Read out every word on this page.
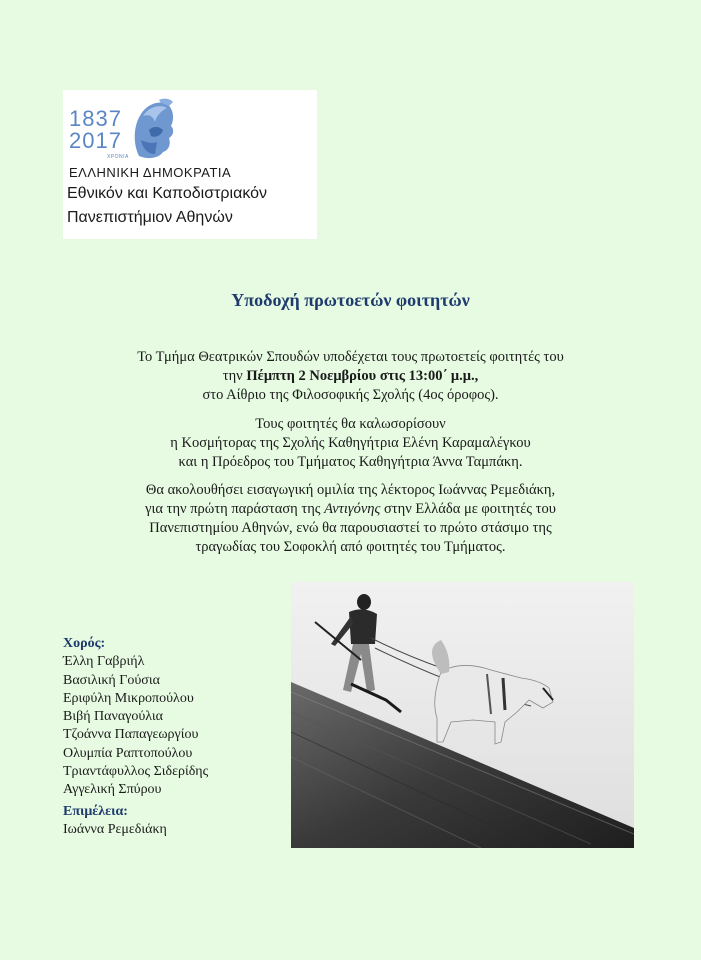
1837
2017
ΧΡΟΝΙΑ
ΕΛΛΗΝΙΚΗ ΔΗΜΟΚΡΑΤΙΑ
Εθνικόν και Καποδιστριακόν
Πανεπιστήμιον Αθηνών
Υποδοχή πρωτοετών φοιτητών
Το Τμήμα Θεατρικών Σπουδών υποδέχεται τους πρωτοετείς φοιτητές του
την Πέμπτη 2 Νοεμβρίου στις 13:00΄ μ.μ.,
στο Αίθριο της Φιλοσοφικής Σχολής (4ος όροφος).
Τους φοιτητές θα καλωσορίσουν
η Κοσμήτορας της Σχολής Καθηγήτρια Ελένη Καραμαλέγκου
και η Πρόεδρος του Τμήματος Καθηγήτρια Άννα Ταμπάκη.
Θα ακολουθήσει εισαγωγική ομιλία της λέκτορος Ιωάννας Ρεμεδιάκη,
για την πρώτη παράσταση της Αντιγόνης στην Ελλάδα με φοιτητές του
Πανεπιστημίου Αθηνών, ενώ θα παρουσιαστεί το πρώτο στάσιμο της
τραγωδίας του Σοφοκλή από φοιτητές του Τμήματος.
Χορός:
Έλλη Γαβριήλ
Βασιλική Γούσια
Εριφύλη Μικροπούλου
Βιβή Παναγούλια
Τζοάννα Παπαγεωργίου
Ολυμπία Ραπτοπούλου
Τριαντάφυλλος Σιδερίδης
Αγγελική Σπύρου
Επιμέλεια:
Ιωάννα Ρεμεδιάκη
